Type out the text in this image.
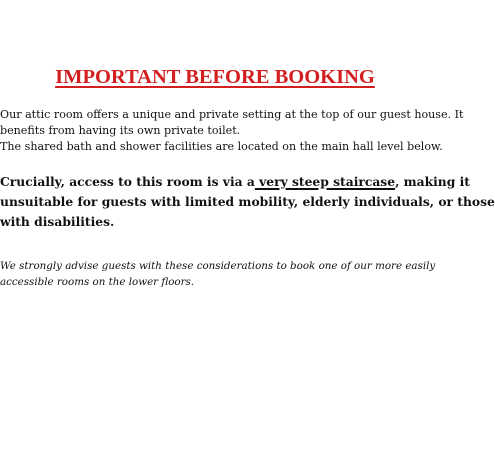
IMPORTANT BEFORE BOOKING

Our attic room offers a unique and private setting at the top of our guest house. It
benefits from having its own private toilet.
The shared bath and shower facilities are located on the main hall level below.

Crucially, access to this room is via a very steep staircase, making it
unsuitable for guests with limited mobility, elderly individuals, or those
with disabilities.

We strongly advise guests with these considerations to book one of our more easily
accessible rooms on the lower floors.
